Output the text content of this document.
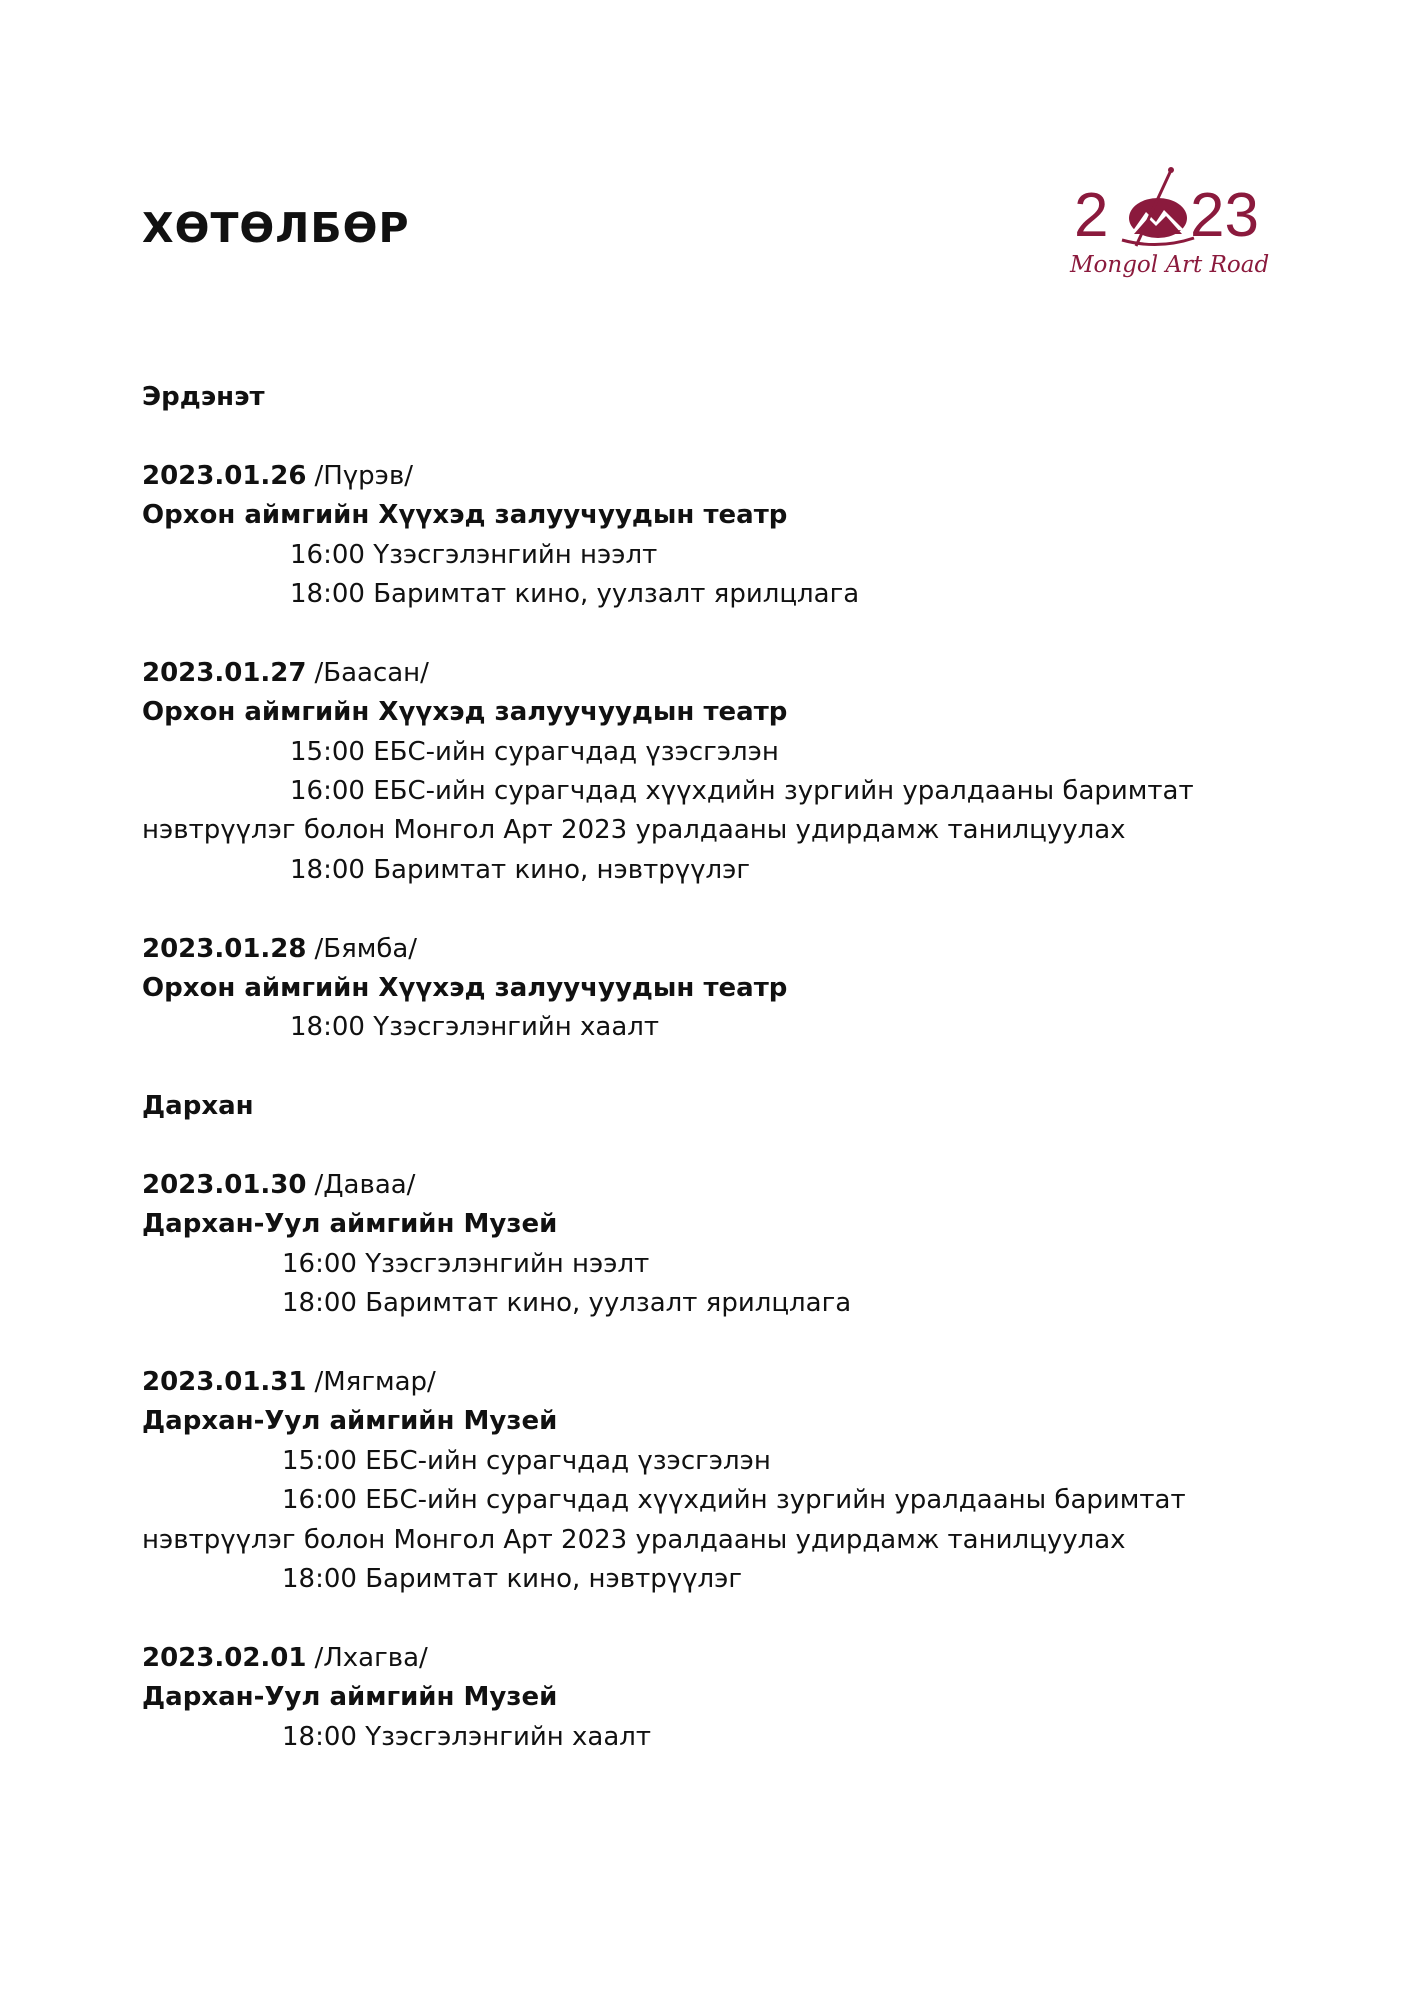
ХӨТӨЛБӨР	2 23
Mongol Art Road

Эрдэнэт

2023.01.26 /Пүрэв/

Орхон аймгийн Хүүхэд залуучуудын театр

16:00 Үзэсгэлэнгийн нээлт

18:00 Баримтат кино, уулзалт ярилцлага

2023.01.27 /Баасан/

Орхон аймгийн Хүүхэд залуучуудын театр

15:00 ЕБС-ийн сурагчдад үзэсгэлэн

16:00 ЕБС-ийн сурагчдад хүүхдийн зургийн уралдааны баримтат нэвтрүүлэг болон Монгол Арт 2023 уралдааны удирдамж танилцуулах

18:00 Баримтат кино, нэвтрүүлэг

2023.01.28 /Бямба/

Орхон аймгийн Хүүхэд залуучуудын театр

18:00 Үзэсгэлэнгийн хаалт

Дархан

2023.01.30 /Даваа/

Дархан-Уул аймгийн Музей

16:00 Үзэсгэлэнгийн нээлт

18:00 Баримтат кино, уулзалт ярилцлага

2023.01.31 /Мягмар/

Дархан-Уул аймгийн Музей

15:00 ЕБС-ийн сурагчдад үзэсгэлэн

16:00 ЕБС-ийн сурагчдад хүүхдийн зургийн уралдааны баримтат нэвтрүүлэг болон Монгол Арт 2023 уралдааны удирдамж танилцуулах

18:00 Баримтат кино, нэвтрүүлэг

2023.02.01 /Лхагва/

Дархан-Уул аймгийн Музей

18:00 Үзэсгэлэнгийн хаалт
